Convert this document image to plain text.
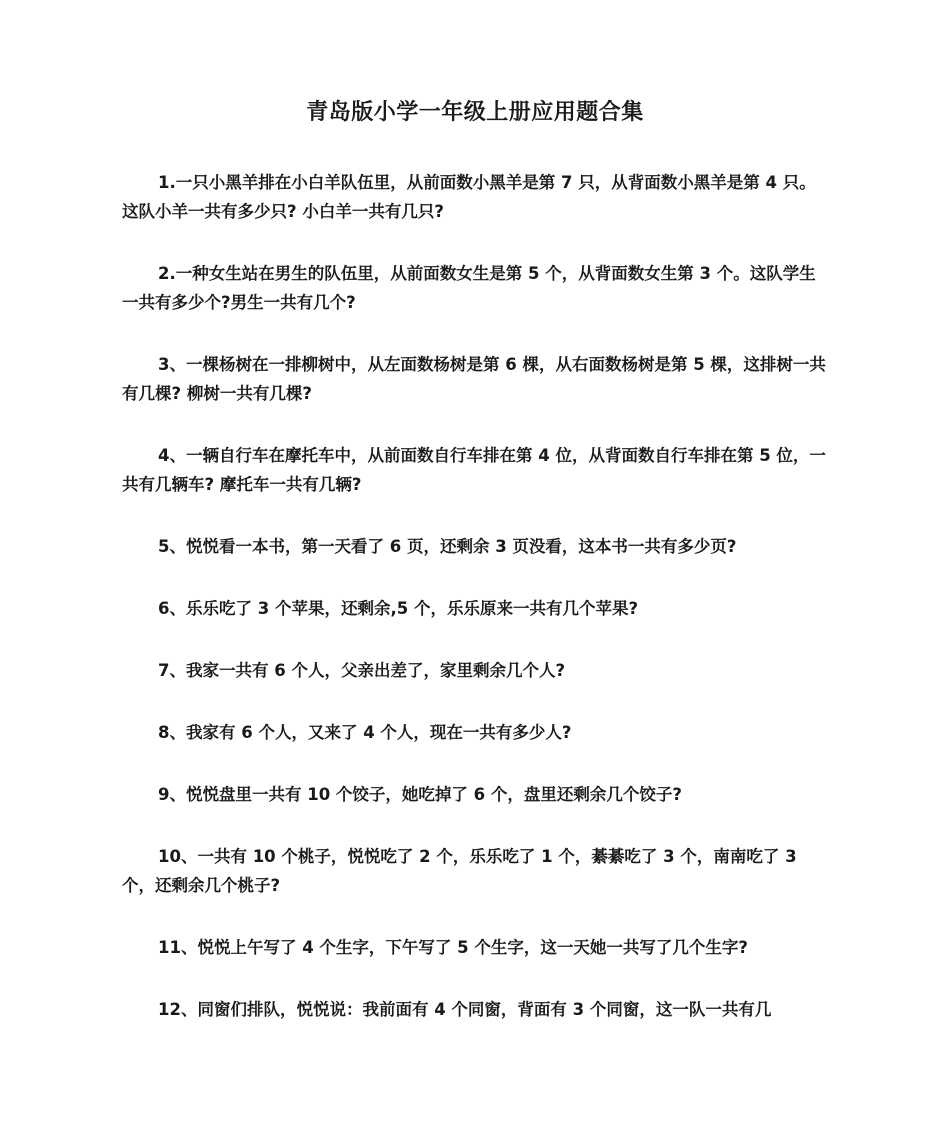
青岛版小学一年级上册应用题合集

1.一只小黑羊排在小白羊队伍里，从前面数小黑羊是第 7 只，从背面数小黑羊是第 4 只。这队小羊一共有多少只? 小白羊一共有几只?

2.一种女生站在男生的队伍里，从前面数女生是第 5 个，从背面数女生第 3 个。这队学生一共有多少个?男生一共有几个?

3、一棵杨树在一排柳树中，从左面数杨树是第 6 棵，从右面数杨树是第 5 棵，这排树一共有几棵? 柳树一共有几棵?

4、一辆自行车在摩托车中，从前面数自行车排在第 4 位，从背面数自行车排在第 5 位，一共有几辆车? 摩托车一共有几辆?

5、悦悦看一本书，第一天看了 6 页，还剩余 3 页没看，这本书一共有多少页?

6、乐乐吃了 3 个苹果，还剩余,5 个，乐乐原来一共有几个苹果?

7、我家一共有 6 个人，父亲出差了，家里剩余几个人?

8、我家有 6 个人，又来了 4 个人，现在一共有多少人?

9、悦悦盘里一共有 10 个饺子，她吃掉了 6 个，盘里还剩余几个饺子?

10、一共有 10 个桃子，悦悦吃了 2 个，乐乐吃了 1 个，綦綦吃了 3 个，南南吃了 3 个，还剩余几个桃子?

11、悦悦上午写了 4 个生字，下午写了 5 个生字，这一天她一共写了几个生字?

12、同窗们排队，悦悦说：我前面有 4 个同窗，背面有 3 个同窗，这一队一共有几
